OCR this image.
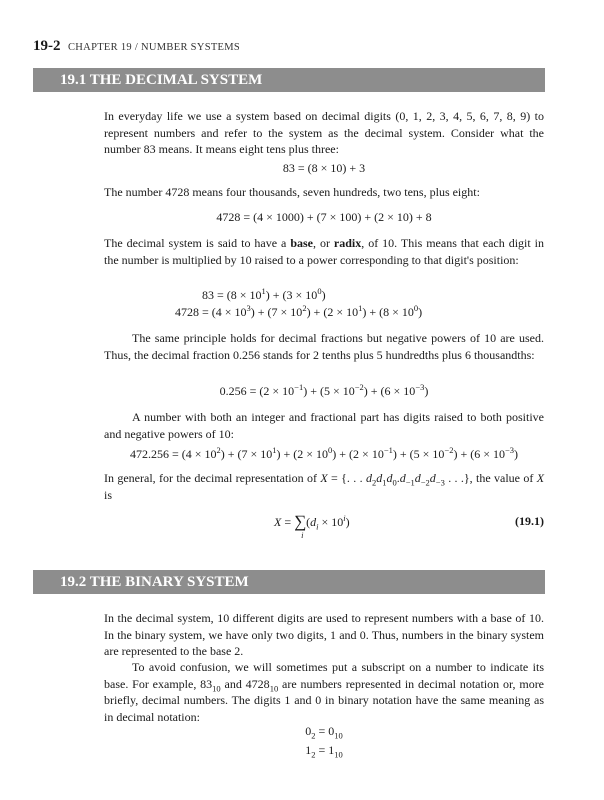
19-2 CHAPTER 19 / NUMBER SYSTEMS
19.1 THE DECIMAL SYSTEM

In everyday life we use a system based on decimal digits (0, 1, 2, 3, 4, 5, 6, 7, 8, 9) to represent numbers and refer to the system as the decimal system. Consider what the number 83 means. It means eight tens plus three:

83 = (8 × 10) + 3

The number 4728 means four thousands, seven hundreds, two tens, plus eight:

4728 = (4 × 1000) + (7 × 100) + (2 × 10) + 8

The decimal system is said to have a base, or radix, of 10. This means that each digit in the number is multiplied by 10 raised to a power corresponding to that digit's position:

$83 = (8 \times 10^1) + (3 \times 10^0)$
$4728 = (4 \times 10^3) + (7 \times 10^2) + (2 \times 10^1) + (8 \times 10^0)$

The same principle holds for decimal fractions but negative powers of 10 are used. Thus, the decimal fraction 0.256 stands for 2 tenths plus 5 hundredths plus 6 thousandths:

$0.256 = (2 \times 10^{-1}) + (5 \times 10^{-2}) + (6 \times 10^{-3})$

A number with both an integer and fractional part has digits raised to both positive and negative powers of 10:

$472.256 = (4 \times 10^2) + (7 \times 10^1) + (2 \times 10^0) + (2 \times 10^{-1}) + (5 \times 10^{-2}) + (6 \times 10^{-3})$

In general, for the decimal representation of X = {. . . $d_2d_1d_0.d_{-1}d_{-2}d_{-3}$ . . .}, the value of X is

X = ∑
i
$(d_i \times 10^i)$	(19.1)
19.2 THE BINARY SYSTEM

In the decimal system, 10 different digits are used to represent numbers with a base of 10. In the binary system, we have only two digits, 1 and 0. Thus, numbers in the binary system are represented to the base 2.

To avoid confusion, we will sometimes put a subscript on a number to indicate its base. For example, $83_{10}$ and $4728_{10}$ are numbers represented in decimal notation or, more briefly, decimal numbers. The digits 1 and 0 in binary notation have the same meaning as in decimal notation:

$0_2 = 0_{10}$
$1_2 = 1_{10}$
